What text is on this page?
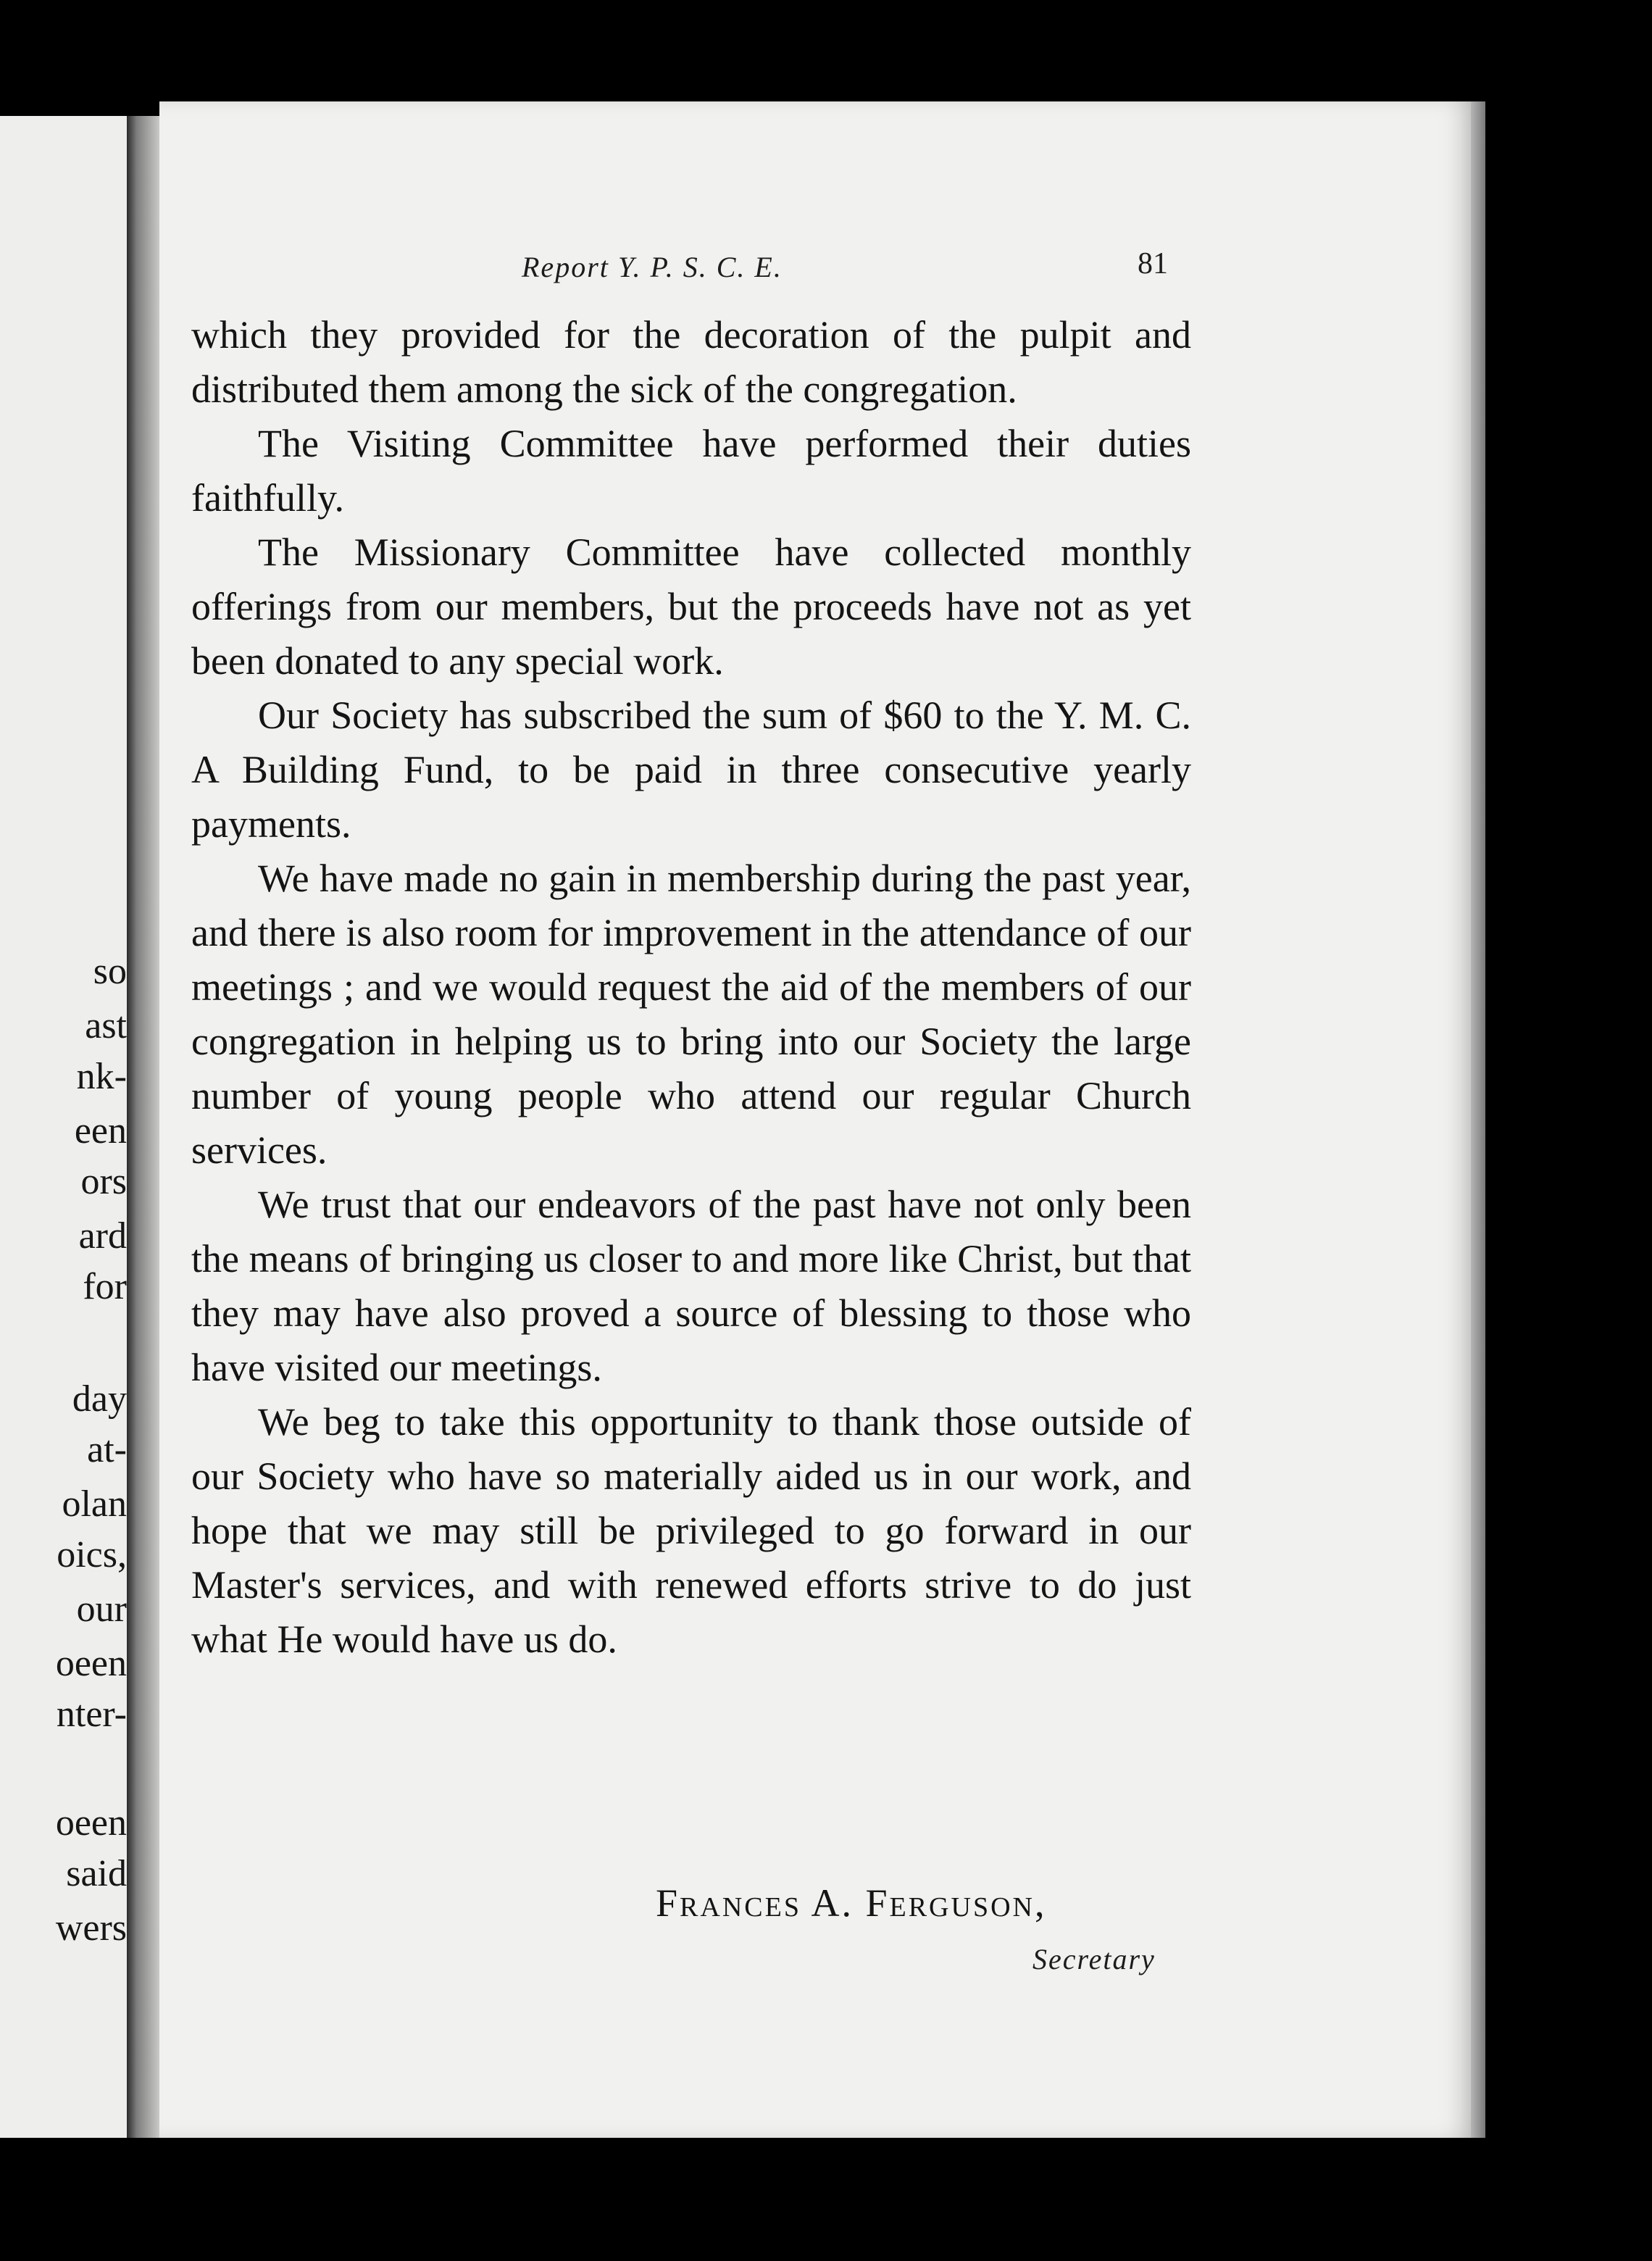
so
ast
nk-
een
ors
ard
for
day
at-
olan
oics,
our
oeen
nter-
oeen
said
wers
Report Y. P. S. C. E.	81

which they provided for the decoration of the pulpit and distributed them among the sick of the congregation.

The Visiting Committee have performed their duties faithfully.

The Missionary Committee have collected monthly offerings from our members, but the proceeds have not as yet been donated to any special work.

Our Society has subscribed the sum of $60 to the Y. M. C. A Building Fund, to be paid in three consecutive yearly payments.

We have made no gain in membership during the past year, and there is also room for improvement in the attendance of our meetings ; and we would request the aid of the members of our congregation in helping us to bring into our Society the large number of young people who attend our regular Church services.

We trust that our endeavors of the past have not only been the means of bringing us closer to and more like Christ, but that they may have also proved a source of blessing to those who have visited our meetings.

We beg to take this opportunity to thank those outside of our Society who have so materially aided us in our work, and hope that we may still be privileged to go forward in our Master's services, and with renewed efforts strive to do just what He would have us do.

Frances A. Ferguson,
Secretary
